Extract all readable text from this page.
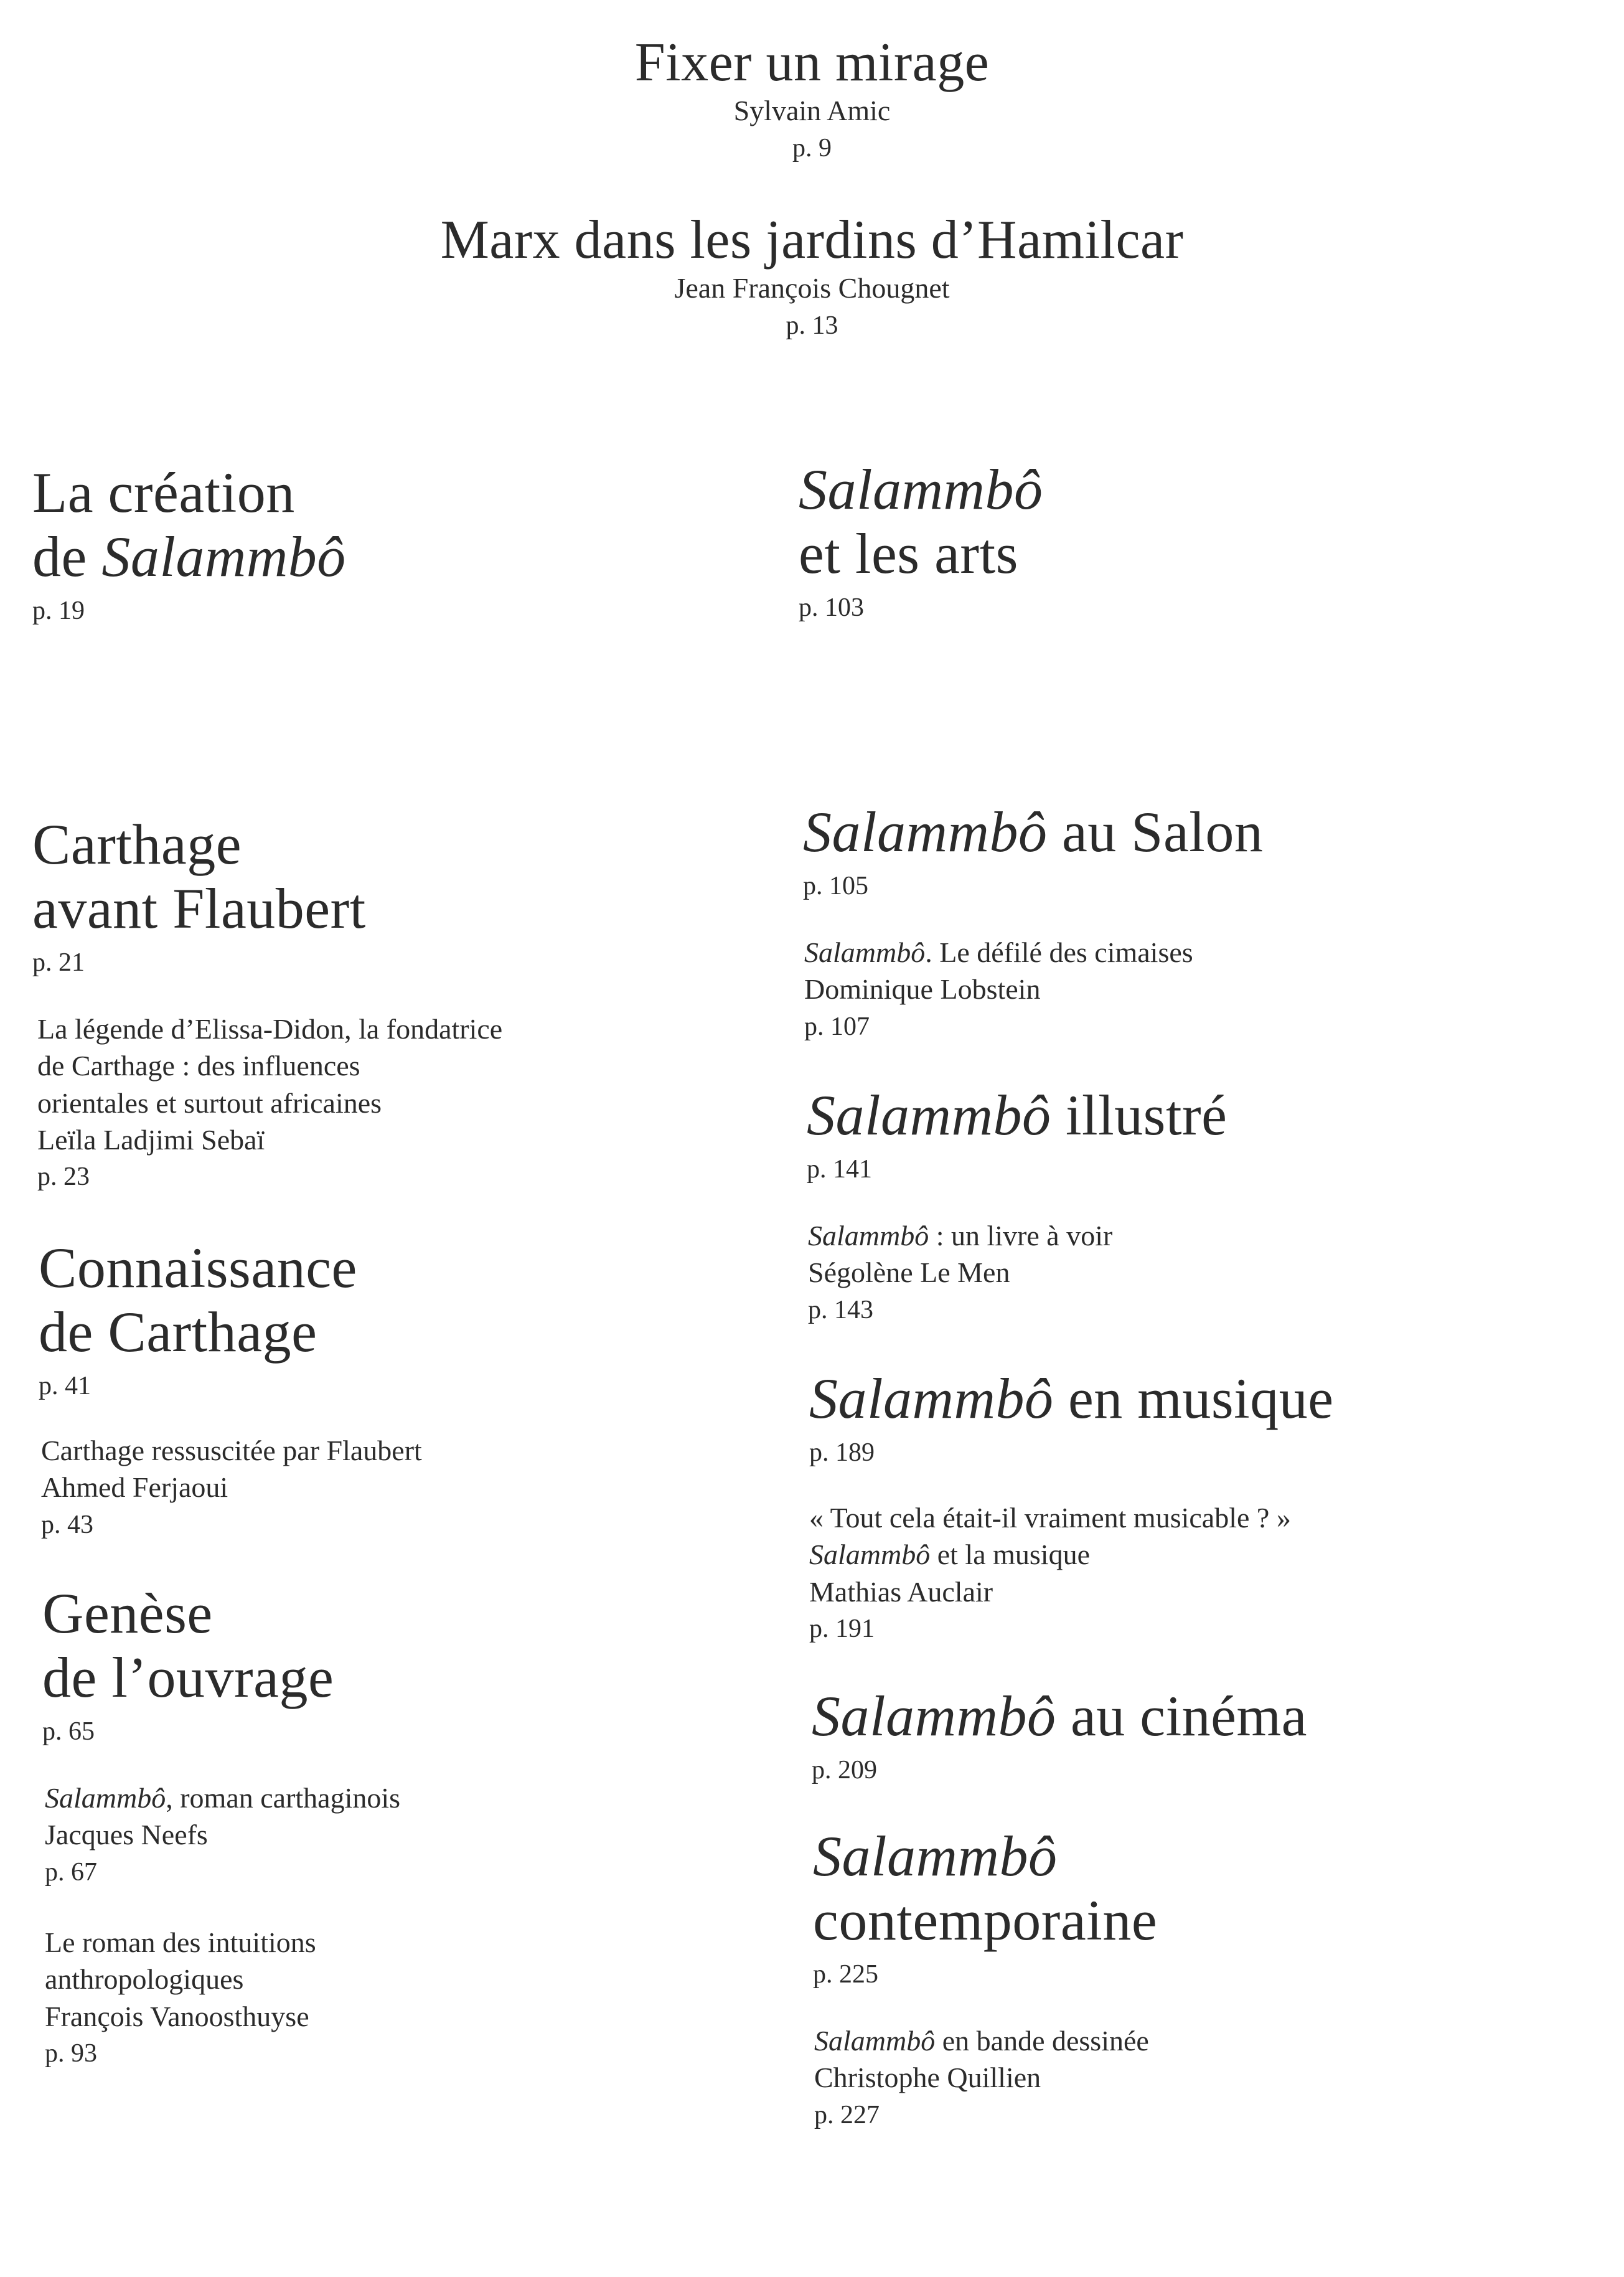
Fixer un mirage
Sylvain Amic
p. 9
Marx dans les jardins d’Hamilcar
Jean François Chougnet
p. 13
La création
de Salammbô
p. 19
Carthage
avant Flaubert
p. 21
La légende d’Elissa-Didon, la fondatrice
de Carthage : des influences
orientales et surtout africaines
Leïla Ladjimi Sebaï
p. 23
Connaissance
de Carthage
p. 41
Carthage ressuscitée par Flaubert
Ahmed Ferjaoui
p. 43
Genèse
de l’ouvrage
p. 65
Salammbô, roman carthaginois
Jacques Neefs
p. 67
Le roman des intuitions
anthropologiques
François Vanoosthuyse
p. 93
Salammbô
et les arts
p. 103
Salammbô au Salon
p. 105
Salammbô. Le défilé des cimaises
Dominique Lobstein
p. 107
Salammbô illustré
p. 141
Salammbô : un livre à voir
Ségolène Le Men
p. 143
Salammbô en musique
p. 189
« Tout cela était-il vraiment musicable ? »
Salammbô et la musique
Mathias Auclair
p. 191
Salammbô au cinéma
p. 209
Salammbô
contemporaine
p. 225
Salammbô en bande dessinée
Christophe Quillien
p. 227
